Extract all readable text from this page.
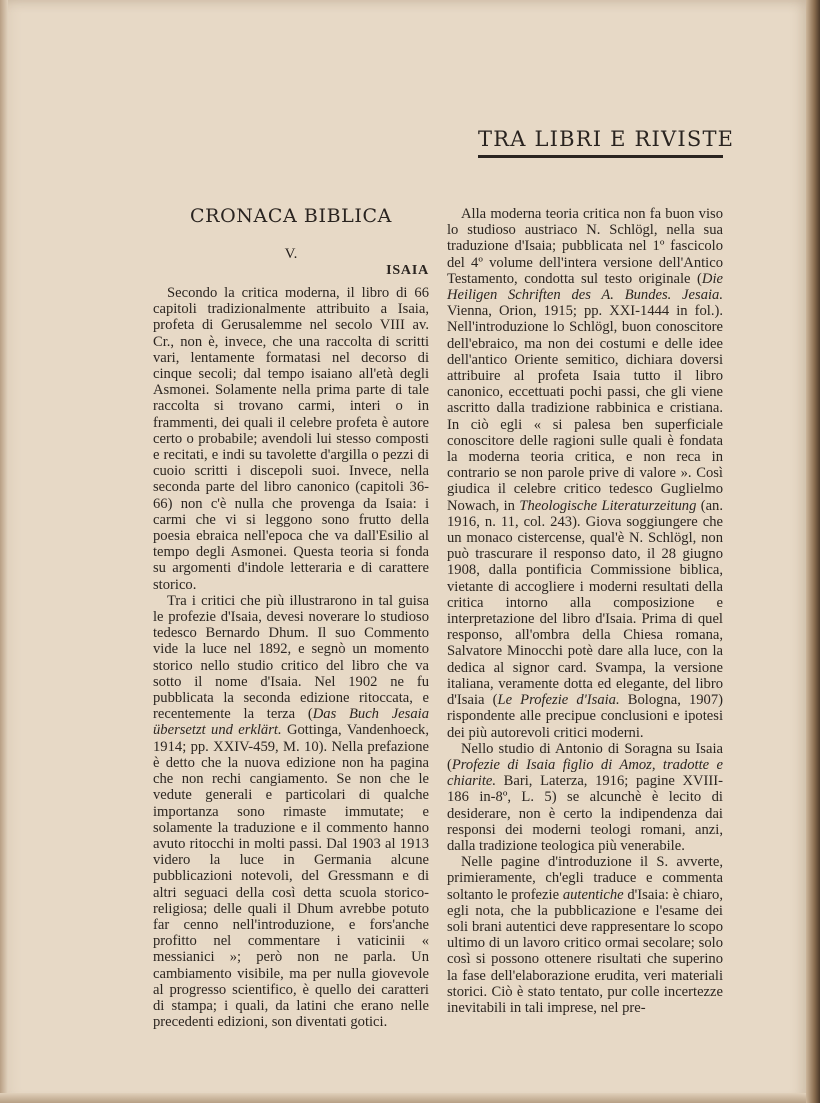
TRA LIBRI E RIVISTE
CRONACA BIBLICA
V.
ISAIA

Secondo la critica moderna, il libro di 66 capitoli tradizionalmente attribuito a Isaia, profeta di Gerusalemme nel secolo VIII av. Cr., non è, invece, che una raccolta di scritti vari, lentamente formatasi nel decorso di cinque secoli; dal tempo isaiano all'età degli Asmonei. Solamente nella prima parte di tale raccolta si trovano carmi, interi o in frammenti, dei quali il celebre profeta è autore certo o probabile; avendoli lui stesso composti e recitati, e indi su tavolette d'argilla o pezzi di cuoio scritti i discepoli suoi. Invece, nella seconda parte del libro canonico (capitoli 36-66) non c'è nulla che provenga da Isaia: i carmi che vi si leggono sono frutto della poesia ebraica nell'epoca che va dall'Esilio al tempo degli Asmonei. Questa teoria si fonda su argomenti d'indole letteraria e di carattere storico.

Tra i critici che più illustrarono in tal guisa le profezie d'Isaia, devesi noverare lo studioso tedesco Bernardo Dhum. Il suo Commento vide la luce nel 1892, e segnò un momento storico nello studio critico del libro che va sotto il nome d'Isaia. Nel 1902 ne fu pubblicata la seconda edizione ritoccata, e recentemente la terza (Das Buch Jesaia übersetzt und erklärt. Gottinga, Vandenhoeck, 1914; pp. XXIV-459, M. 10). Nella prefazione è detto che la nuova edizione non ha pagina che non rechi cangiamento. Se non che le vedute generali e particolari di qualche importanza sono rimaste immutate; e solamente la traduzione e il commento hanno avuto ritocchi in molti passi. Dal 1903 al 1913 videro la luce in Germania alcune pubblicazioni notevoli, del Gressmann e di altri seguaci della così detta scuola storico-religiosa; delle quali il Dhum avrebbe potuto far cenno nell'introduzione, e fors'anche profitto nel commentare i vaticinii « messianici »; però non ne parla. Un cambiamento visibile, ma per nulla giovevole al progresso scientifico, è quello dei caratteri di stampa; i quali, da latini che erano nelle precedenti edizioni, son diventati gotici.

Alla moderna teoria critica non fa buon viso lo studioso austriaco N. Schlögl, nella sua traduzione d'Isaia; pubblicata nel 1º fascicolo del 4º volume dell'intera versione dell'Antico Testamento, condotta sul testo originale (Die Heiligen Schriften des A. Bundes. Jesaia. Vienna, Orion, 1915; pp. XXI-1444 in fol.). Nell'introduzione lo Schlögl, buon conoscitore dell'ebraico, ma non dei costumi e delle idee dell'antico Oriente semitico, dichiara doversi attribuire al profeta Isaia tutto il libro canonico, eccettuati pochi passi, che gli viene ascritto dalla tradizione rabbinica e cristiana. In ciò egli « si palesa ben superficiale conoscitore delle ragioni sulle quali è fondata la moderna teoria critica, e non reca in contrario se non parole prive di valore ». Così giudica il celebre critico tedesco Guglielmo Nowach, in Theologische Literaturzeitung (an. 1916, n. 11, col. 243). Giova soggiungere che un monaco cistercense, qual'è N. Schlögl, non può trascurare il responso dato, il 28 giugno 1908, dalla pontificia Commissione biblica, vietante di accogliere i moderni resultati della critica intorno alla composizione e interpretazione del libro d'Isaia. Prima di quel responso, all'ombra della Chiesa romana, Salvatore Minocchi potè dare alla luce, con la dedica al signor card. Svampa, la versione italiana, veramente dotta ed elegante, del libro d'Isaia (Le Profezie d'Isaia. Bologna, 1907) rispondente alle precipue conclusioni e ipotesi dei più autorevoli critici moderni.

Nello studio di Antonio di Soragna su Isaia (Profezie di Isaia figlio di Amoz, tradotte e chiarite. Bari, Laterza, 1916; pagine XVIII-186 in-8º, L. 5) se alcunchè è lecito di desiderare, non è certo la indipendenza dai responsi dei moderni teologi romani, anzi, dalla tradizione teologica più venerabile.

Nelle pagine d'introduzione il S. avverte, primieramente, ch'egli traduce e commenta soltanto le profezie autentiche d'Isaia: è chiaro, egli nota, che la pubblicazione e l'esame dei soli brani autentici deve rappresentare lo scopo ultimo di un lavoro critico ormai secolare; solo così si possono ottenere risultati che superino la fase dell'elaborazione erudita, veri materiali storici. Ciò è stato tentato, pur colle incertezze inevitabili in tali imprese, nel pre-
